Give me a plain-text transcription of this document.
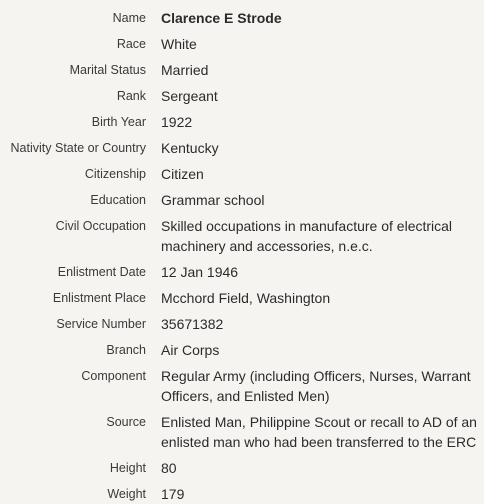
Name	Clarence E Strode
Race	White
Marital Status	Married
Rank	Sergeant
Birth Year	1922
Nativity State or Country	Kentucky
Citizenship	Citizen
Education	Grammar school
Civil Occupation	Skilled occupations in manufacture of electrical machinery and accessories, n.e.c.
Enlistment Date	12 Jan 1946
Enlistment Place	Mcchord Field, Washington
Service Number	35671382
Branch	Air Corps
Component	Regular Army (including Officers, Nurses, Warrant Officers, and Enlisted Men)
Source	Enlisted Man, Philippine Scout or recall to AD of an enlisted man who had been transferred to the ERC
Height	80
Weight	179
